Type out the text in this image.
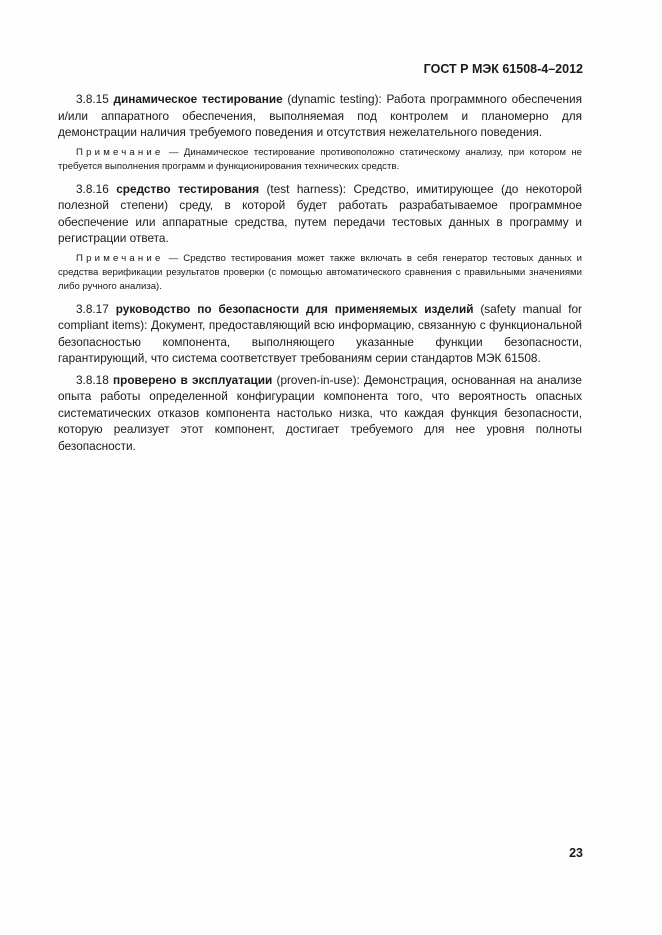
ГОСТ Р МЭК 61508-4–2012

3.8.15 динамическое тестирование (dynamic testing): Работа программного обеспечения и/или аппаратного обеспечения, выполняемая под контролем и планомерно для демонстрации наличия требуемого поведения и отсутствия нежелательного поведения.

Примечание — Динамическое тестирование противоположно статическому анализу, при котором не требуется выполнения программ и функционирования технических средств.

3.8.16 средство тестирования (test harness): Средство, имитирующее (до некоторой полезной степени) среду, в которой будет работать разрабатываемое программное обеспечение или аппаратные средства, путем передачи тестовых данных в программу и регистрации ответа.

Примечание — Средство тестирования может также включать в себя генератор тестовых данных и средства верификации результатов проверки (с помощью автоматического сравнения с правильными значениями либо ручного анализа).

3.8.17 руководство по безопасности для применяемых изделий (safety manual for compliant items): Документ, предоставляющий всю информацию, связанную с функциональной безопасностью компонента, выполняющего указанные функции безопасности, гарантирующий, что система соответствует требованиям серии стандартов МЭК 61508.

3.8.18 проверено в эксплуатации (proven-in-use): Демонстрация, основанная на анализе опыта работы определенной конфигурации компонента того, что вероятность опасных систематических отказов компонента настолько низка, что каждая функция безопасности, которую реализует этот компонент, достигает требуемого для нее уровня полноты безопасности.

23
